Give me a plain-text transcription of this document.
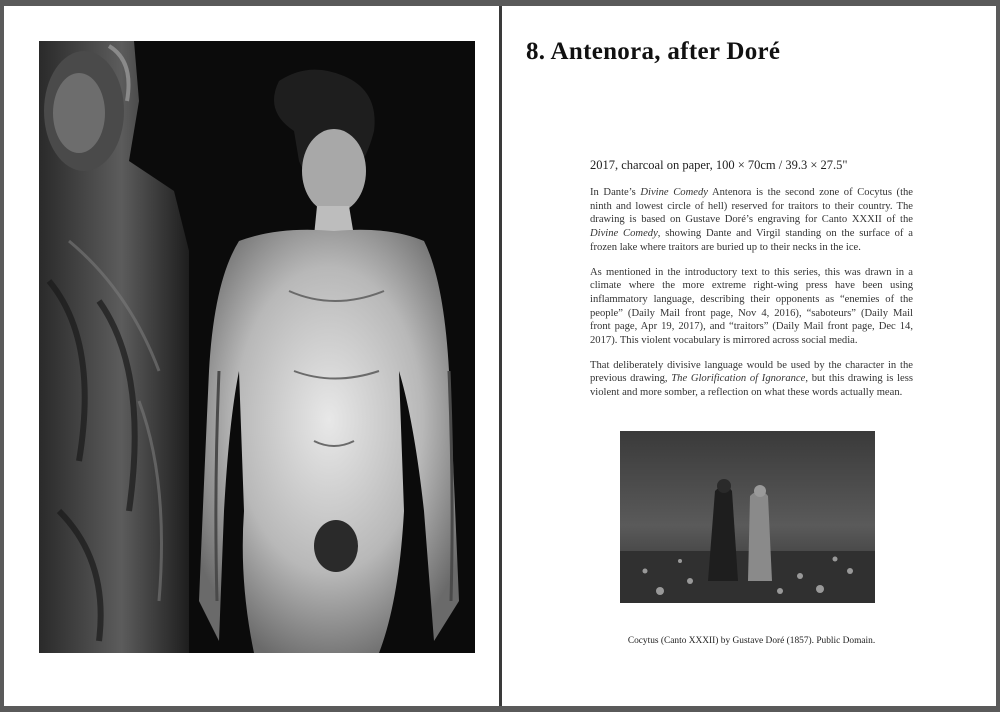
8. Antenora, after Doré

2017, charcoal on paper, 100 × 70cm / 39.3 × 27.5"

In Dante’s Divine Comedy Antenora is the second zone of Cocytus (the ninth and lowest circle of hell) reserved for traitors to their country. The drawing is based on Gustave Doré’s engraving for Canto XXXII of the Divine Comedy, showing Dante and Virgil standing on the surface of a frozen lake where traitors are buried up to their necks in the ice.

As mentioned in the introductory text to this series, this was drawn in a climate where the more extreme right-wing press have been using inflammatory language, describing their opponents as “enemies of the people” (Daily Mail front page, Nov 4, 2016), “saboteurs” (Daily Mail front page, Apr 19, 2017), and “traitors” (Daily Mail front page, Dec 14, 2017). This violent vocabulary is mirrored across social media.

That deliberately divisive language would be used by the character in the previous drawing, The Glorification of Ignorance, but this drawing is less violent and more somber, a reflection on what these words actually mean.

Cocytus (Canto XXXII) by Gustave Doré (1857). Public Domain.
